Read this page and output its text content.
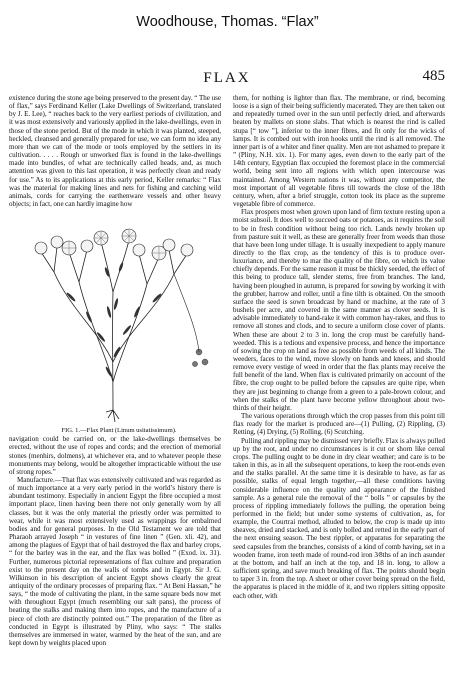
Woodhouse, Thomas. “Flax”
FLAX	485

existence during the stone age being preserved to the present day. “ The use of flax,” says Ferdinand Keller (Lake Dwellings of Switzerland, translated by J. E. Lee), “ reaches back to the very earliest periods of civilization, and it was most extensively and variously applied in the lake-dwellings, even in those of the stone period. But of the mode in which it was planted, steeped, heckled, cleansed and generally prepared for use, we can form no idea any more than we can of the mode or tools employed by the settlers in its cultivation. . . . . Rough or unworked flax is found in the lake-dwellings made into bundles, of what are technically called heads, and, as much attention was given to this last operation, it was perfectly clean and ready for use.” As to its applications at this early period, Keller remarks: “ Flax was the material for making lines and nets for fishing and catching wild animals, cords for carrying the earthenware vessels and other heavy objects; in fact, one can hardly imagine how

FIG. 1.—Flax Plant (Linum usitatissimum).

navigation could be carried on, or the lake-dwellings themselves be erected, without the use of ropes and cords; and the erection of memorial stones (menhirs, dolmens), at whichever era, and to whatever people these monuments may belong, would be altogether impracticable without the use of strong ropes.”

Manufacture.—That flax was extensively cultivated and was regarded as of much importance at a very early period in the world’s history there is abundant testimony. Especially in ancient Egypt the fibre occupied a most important place, linen having been there not only generally worn by all classes, but it was the only material the priestly order was permitted to wear, while it was most extensively used as wrappings for embalmed bodies and for general purposes. In the Old Testament we are told that Pharaoh arrayed Joseph “ in vestures of fine linen ” (Gen. xli. 42), and among the plagues of Egypt that of hail destroyed the flax and barley crops, “ for the barley was in the ear, and the flax was bolled ” (Exod. ix. 31). Further, numerous pictorial representations of flax culture and preparation exist to the present day on the walls of tombs and in Egypt. Sir J. G. Wilkinson in his description of ancient Egypt shows clearly the great antiquity of the ordinary processes of preparing flax. “ At Beni Hassan,” he says, “ the mode of cultivating the plant, in the same square beds now met with throughout Egypt (much resembling our salt pans), the process of beating the stalks and making them into ropes, and the manufacture of a piece of cloth are distinctly pointed out.” The preparation of the fibre as conducted in Egypt is illustrated by Pliny, who says: “ The stalks themselves are immersed in water, warmed by the heat of the sun, and are kept down by weights placed upon

them, for nothing is lighter than flax. The membrane, or rind, becoming loose is a sign of their being sufficiently macerated. They are then taken out and repeatedly turned over in the sun until perfectly dried, and afterwards beaten by mallets on stone slabs. That which is nearest the rind is called stupa [“ tow ”], inferior to the inner fibres, and fit only for the wicks of lamps. It is combed out with iron hooks until the rind is all removed. The inner part is of a whiter and finer quality. Men are not ashamed to prepare it ” (Pliny, N.H. xix. 1). For many ages, even down to the early part of the 14th century, Egyptian flax occupied the foremost place in the commercial world, being sent into all regions with which open intercourse was maintained. Among Western nations it was, without any competitor, the most important of all vegetable fibres till towards the close of the 18th century, when, after a brief struggle, cotton took its place as the supreme vegetable fibre of commerce.

Flax prospers most when grown upon land of firm texture resting upon a moist subsoil. It does well to succeed oats or potatoes, as it requires the soil to be in fresh condition without being too rich. Lands newly broken up from pasture suit it well, as these are generally freer from weeds than those that have been long under tillage. It is usually inexpedient to apply manure directly to the flax crop, as the tendency of this is to produce over-luxuriance, and thereby to mar the quality of the fibre, on which its value chiefly depends. For the same reason it must be thickly seeded, the effect of this being to produce tall, slender stems, free from branches. The land, having been ploughed in autumn, is prepared for sowing by working it with the grubber, harrow and roller, until a fine tilth is obtained. On the smooth surface the seed is sown broadcast by hand or machine, at the rate of 3 bushels per acre, and covered in the same manner as clover seeds. It is advisable immediately to hand-rake it with common hay-rakes, and thus to remove all stones and clods, and to secure a uniform close cover of plants. When these are about 2 to 3 in. long the crop must be carefully hand-weeded. This is a tedious and expensive process, and hence the importance of sowing the crop on land as free as possible from weeds of all kinds. The weeders, faces to the wind, move slowly on hands and knees, and should remove every vestige of weed in order that the flax plants may receive the full benefit of the land. When flax is cultivated primarily on account of the fibre, the crop ought to be pulled before the capsules are quite ripe, when they are just beginning to change from a green to a pale-brown colour, and when the stalks of the plant have become yellow throughout about two-thirds of their height.

The various operations through which the crop passes from this point till flax ready for the market is produced are—(1) Pulling, (2) Rippling, (3) Retting, (4) Drying, (5) Rolling, (6) Scutching.

Pulling and rippling may be dismissed very briefly. Flax is always pulled up by the root, and under no circumstances is it cut or shorn like cereal crops. The pulling ought to be done in dry clear weather; and care is to be taken in this, as in all the subsequent operations, to keep the root-ends even and the stalks parallel. At the same time it is desirable to have, as far as possible, stalks of equal length together,—all these conditions having considerable influence on the quality and appearance of the finished sample. As a general rule the removal of the “ bolls ” or capsules by the process of rippling immediately follows the pulling, the operation being performed in the field; but under some systems of cultivation, as, for example, the Courtrai method, alluded to below, the crop is made up into sheaves, dried and stacked, and is only bolled and retted in the early part of the next ensuing season. The best rippler, or apparatus for separating the seed capsules from the branches, consists of a kind of comb having, set in a wooden frame, iron teeth made of round-rod iron 3⁄8ths of an inch asunder at the bottom, and half an inch at the top, and 18 in. long, to allow a sufficient spring, and save much breaking of flax. The points should begin to taper 3 in. from the top. A sheet or other cover being spread on the field, the apparatus is placed in the middle of it, and two ripplers sitting opposite each other, with
